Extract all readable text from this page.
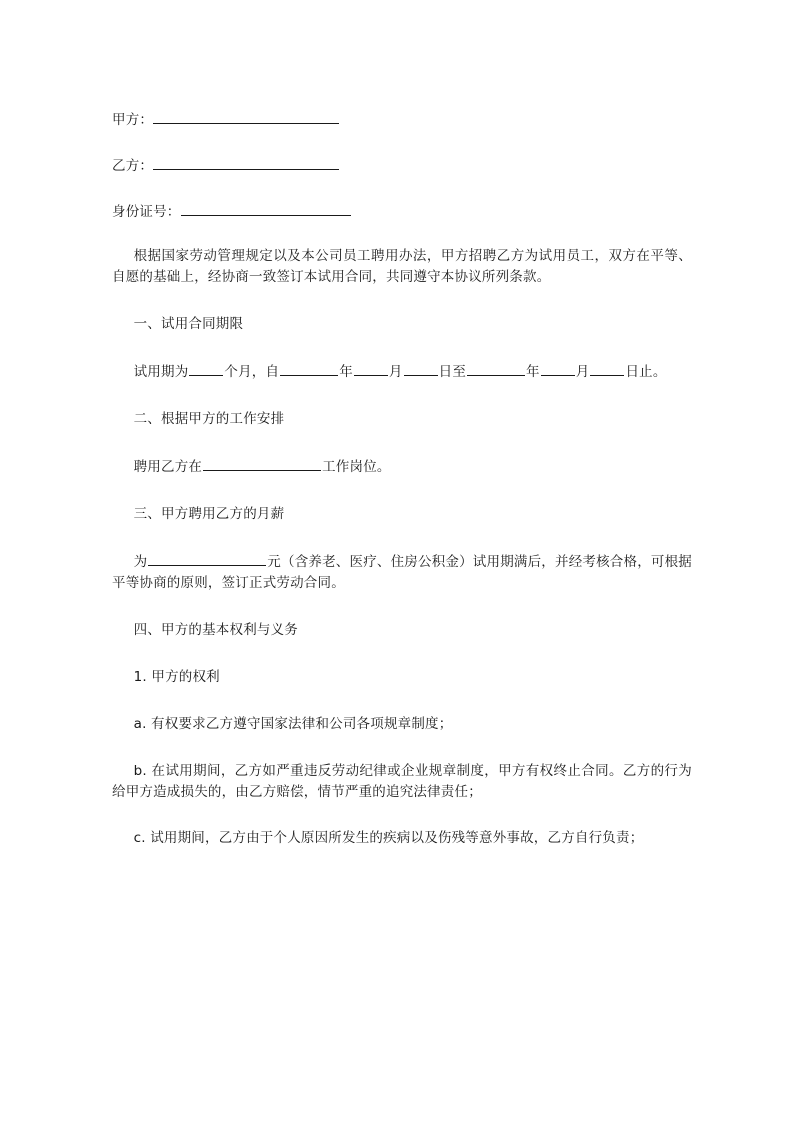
甲方：
乙方：
身份证号：

根据国家劳动管理规定以及本公司员工聘用办法，甲方招聘乙方为试用员工，双方在平等、自愿的基础上，经协商一致签订本试用合同，共同遵守本协议所列条款。

一、试用合同期限

试用期为	个月，自	年	月	日至	年	月	日止。

二、根据甲方的工作安排

聘用乙方在	工作岗位。

三、甲方聘用乙方的月薪

为	元（含养老、医疗、住房公积金）试用期满后，并经考核合格，可根据平等协商的原则，签订正式劳动合同。

四、甲方的基本权利与义务

1. 甲方的权利

a. 有权要求乙方遵守国家法律和公司各项规章制度；

b. 在试用期间，乙方如严重违反劳动纪律或企业规章制度，甲方有权终止合同。乙方的行为给甲方造成损失的，由乙方赔偿，情节严重的追究法律责任；

c. 试用期间，乙方由于个人原因所发生的疾病以及伤残等意外事故，乙方自行负责；
